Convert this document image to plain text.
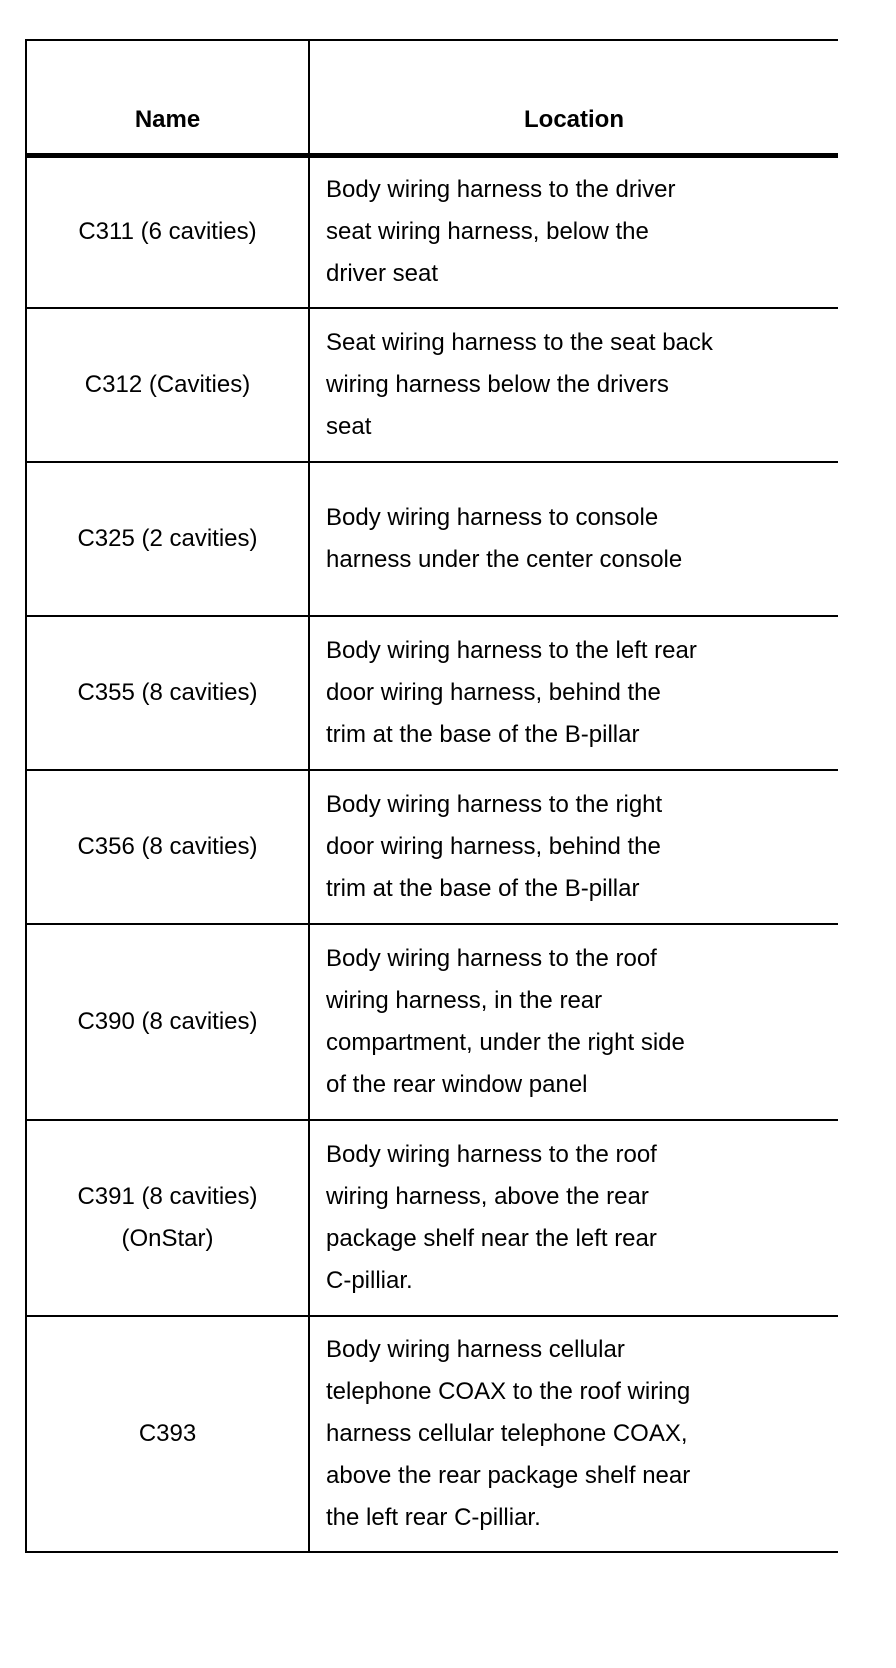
Name	Location

C311 (6 cavities)	Body wiring harness to the driver
seat wiring harness, below the
driver seat

C312 (Cavities)	Seat wiring harness to the seat back
wiring harness below the drivers
seat

C325 (2 cavities)	Body wiring harness to console
harness under the center console

C355 (8 cavities)	Body wiring harness to the left rear
door wiring harness, behind the
trim at the base of the B-pillar

C356 (8 cavities)	Body wiring harness to the right
door wiring harness, behind the
trim at the base of the B-pillar

C390 (8 cavities)	Body wiring harness to the roof
wiring harness, in the rear
compartment, under the right side
of the rear window panel

C391 (8 cavities)
(OnStar)	Body wiring harness to the roof
wiring harness, above the rear
package shelf near the left rear
C-pilliar.

C393	Body wiring harness cellular
telephone COAX to the roof wiring
harness cellular telephone COAX,
above the rear package shelf near
the left rear C-pilliar.
